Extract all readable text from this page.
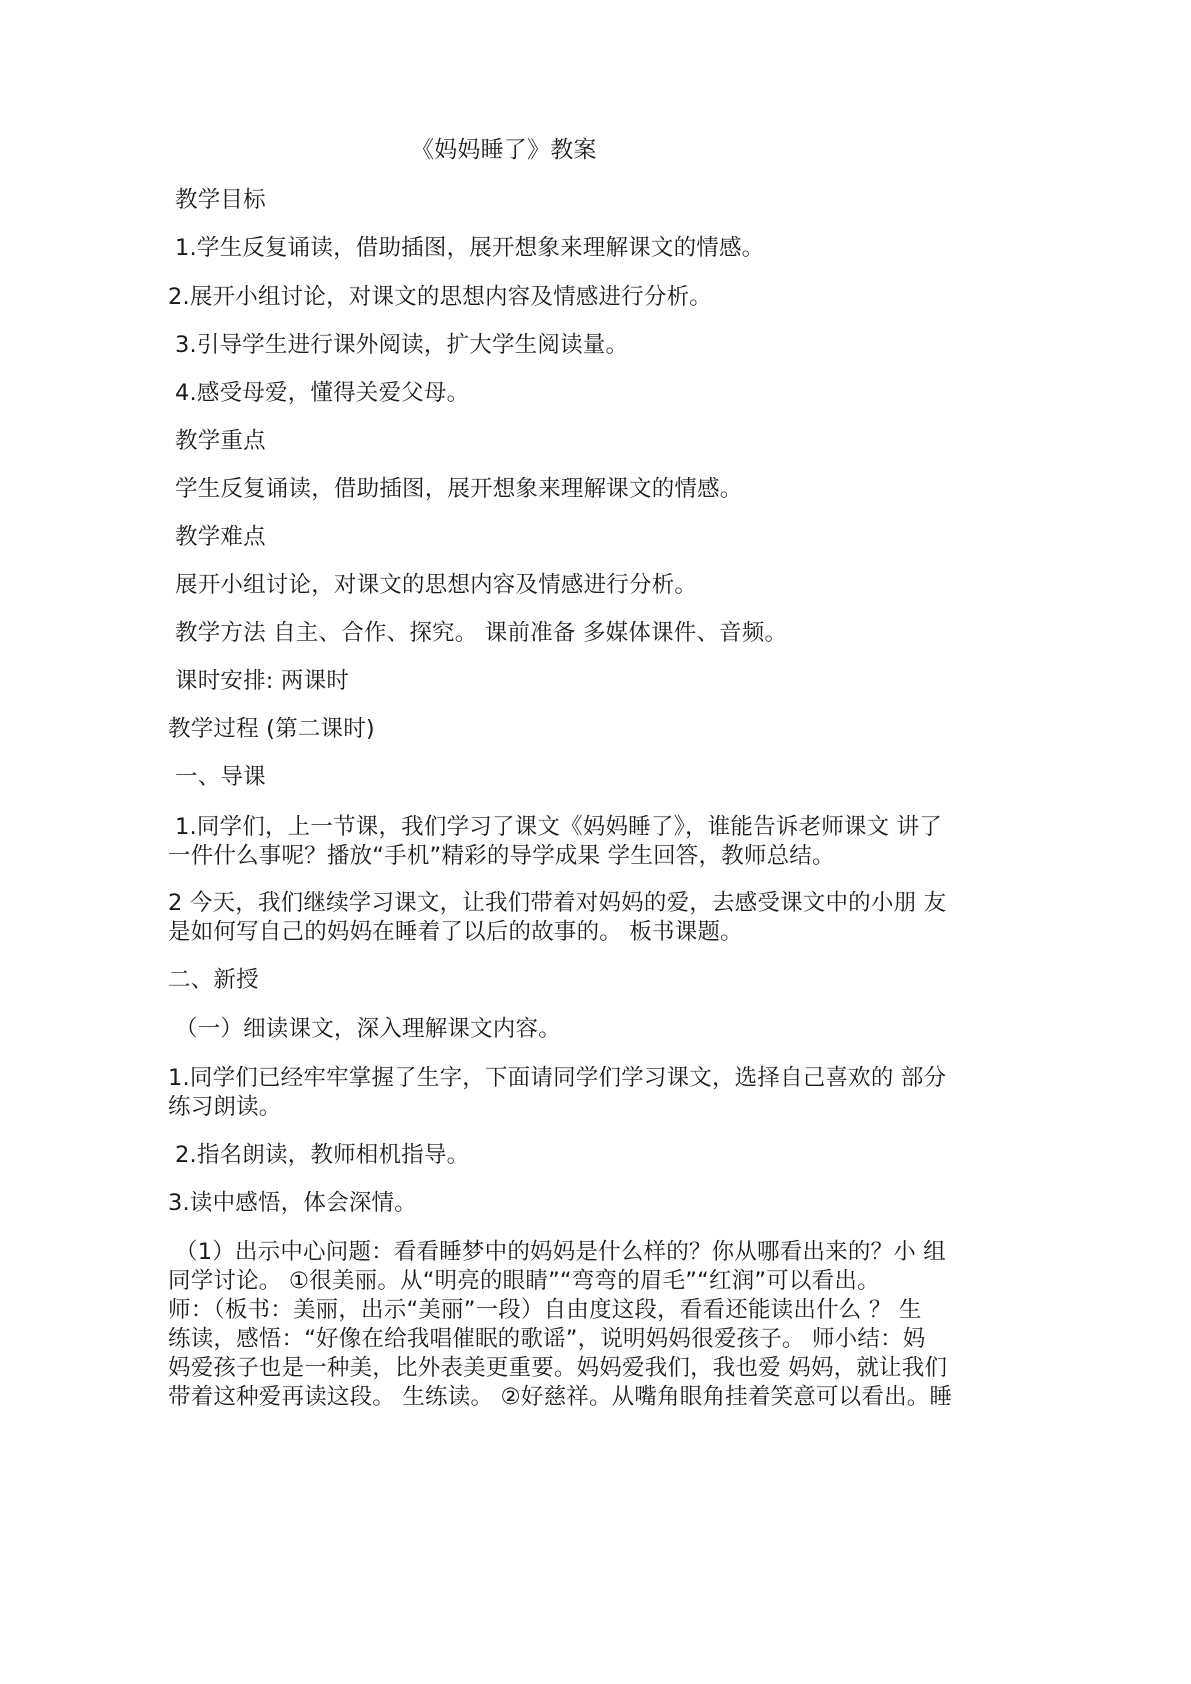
《妈妈睡了》教案
教学目标
1.学生反复诵读，借助插图，展开想象来理解课文的情感。
2.展开小组讨论，对课文的思想内容及情感进行分析。
3.引导学生进行课外阅读，扩大学生阅读量。
4.感受母爱，懂得关爱父母。
教学重点
学生反复诵读，借助插图，展开想象来理解课文的情感。
教学难点
展开小组讨论，对课文的思想内容及情感进行分析。
教学方法 自主、合作、探究。 课前准备 多媒体课件、音频。
课时安排: 两课时
教学过程 (第二课时)
一、导课
1.同学们，上一节课，我们学习了课文《妈妈睡了》，谁能告诉老师课文 讲了
一件什么事呢？播放“手机”精彩的导学成果 学生回答，教师总结。
2 今天，我们继续学习课文，让我们带着对妈妈的爱，去感受课文中的小朋 友
是如何写自己的妈妈在睡着了以后的故事的。 板书课题。
二、新授
（一）细读课文，深入理解课文内容。
1.同学们已经牢牢掌握了生字，下面请同学们学习课文，选择自己喜欢的 部分
练习朗读。
2.指名朗读，教师相机指导。
3.读中感悟，体会深情。
（1）出示中心问题：看看睡梦中的妈妈是什么样的？你从哪看出来的？小 组
同学讨论。 ①很美丽。从“明亮的眼睛”“弯弯的眉毛”“红润”可以看出。
师：（板书：美丽，出示“美丽”一段）自由度这段，看看还能读出什么 ？ 生
练读，感悟：“好像在给我唱催眠的歌谣”，说明妈妈很爱孩子。 师小结：妈
妈爱孩子也是一种美，比外表美更重要。妈妈爱我们，我也爱 妈妈，就让我们
带着这种爱再读这段。 生练读。 ②好慈祥。从嘴角眼角挂着笑意可以看出。睡
